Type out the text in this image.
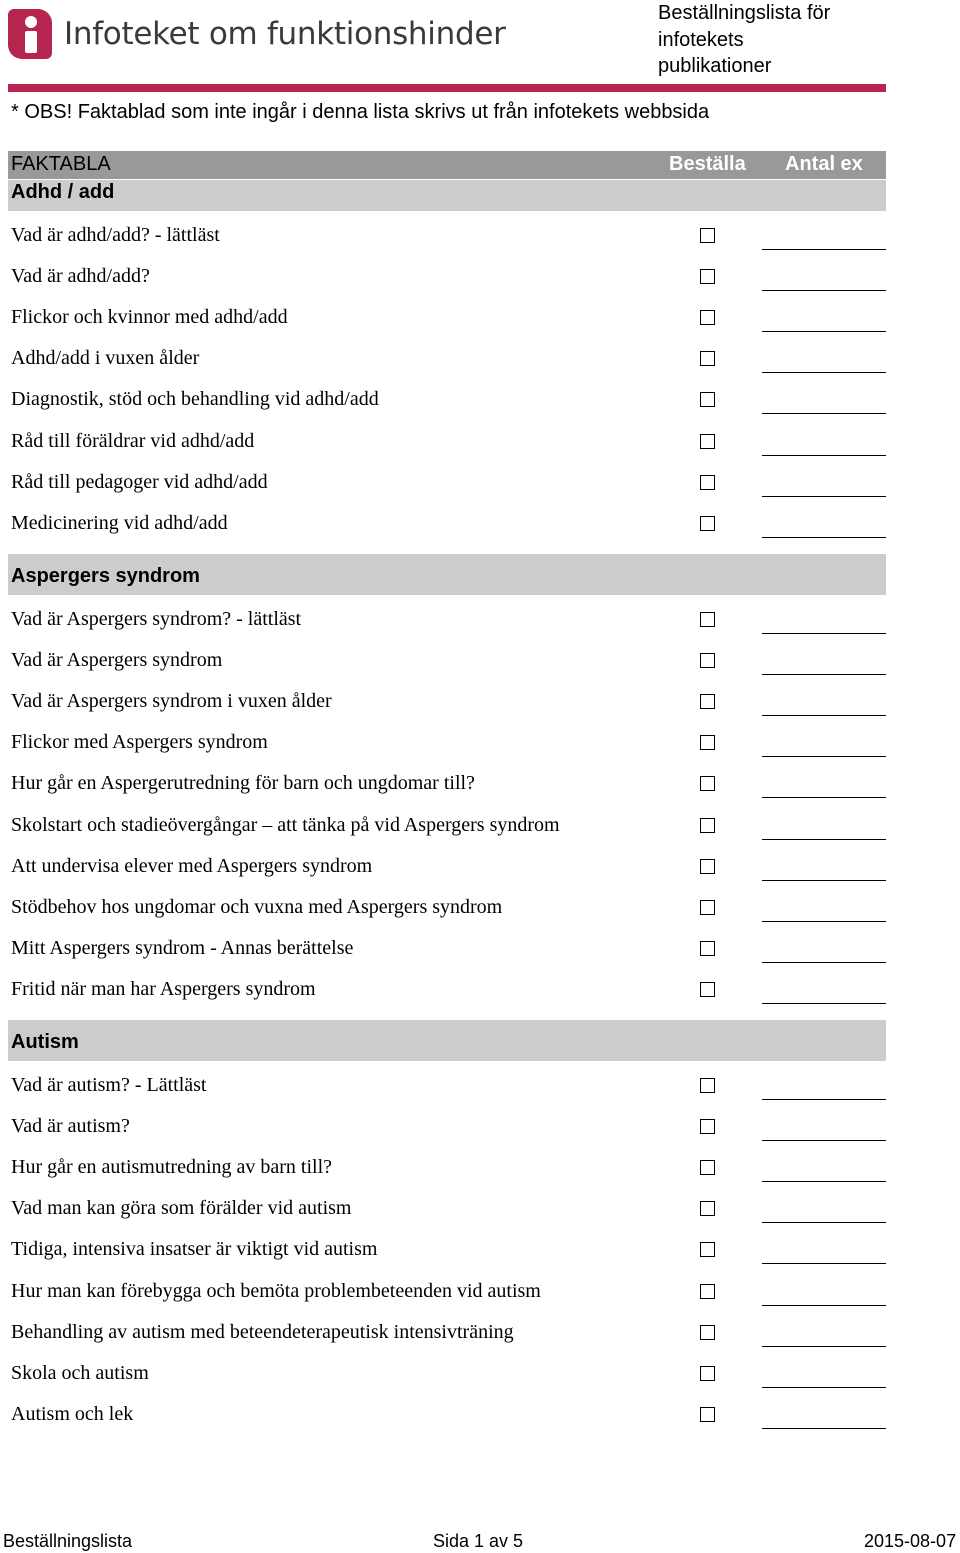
Infoteket om funktionshinder
Beställningslista för
infotekets
publikationer
* OBS! Faktablad som inte ingår i denna lista skrivs ut från infotekets webbsida
FAKTABLA	Beställa Antal ex
Adhd / add
Vad är adhd/add? - lättläst
Vad är adhd/add?
Flickor och kvinnor med adhd/add
Adhd/add i vuxen ålder
Diagnostik, stöd och behandling vid adhd/add
Råd till föräldrar vid adhd/add
Råd till pedagoger vid adhd/add
Medicinering vid adhd/add
Aspergers syndrom
Vad är Aspergers syndrom? - lättläst
Vad är Aspergers syndrom
Vad är Aspergers syndrom i vuxen ålder
Flickor med Aspergers syndrom
Hur går en Aspergerutredning för barn och ungdomar till?
Skolstart och stadieövergångar – att tänka på vid Aspergers syndrom
Att undervisa elever med Aspergers syndrom
Stödbehov hos ungdomar och vuxna med Aspergers syndrom
Mitt Aspergers syndrom - Annas berättelse
Fritid när man har Aspergers syndrom
Autism
Vad är autism? - Lättläst
Vad är autism?
Hur går en autismutredning av barn till?
Vad man kan göra som förälder vid autism
Tidiga, intensiva insatser är viktigt vid autism
Hur man kan förebygga och bemöta problembeteenden vid autism
Behandling av autism med beteendeterapeutisk intensivträning
Skola och autism
Autism och lek
Beställningslista	Sida 1 av 5	2015-08-07
